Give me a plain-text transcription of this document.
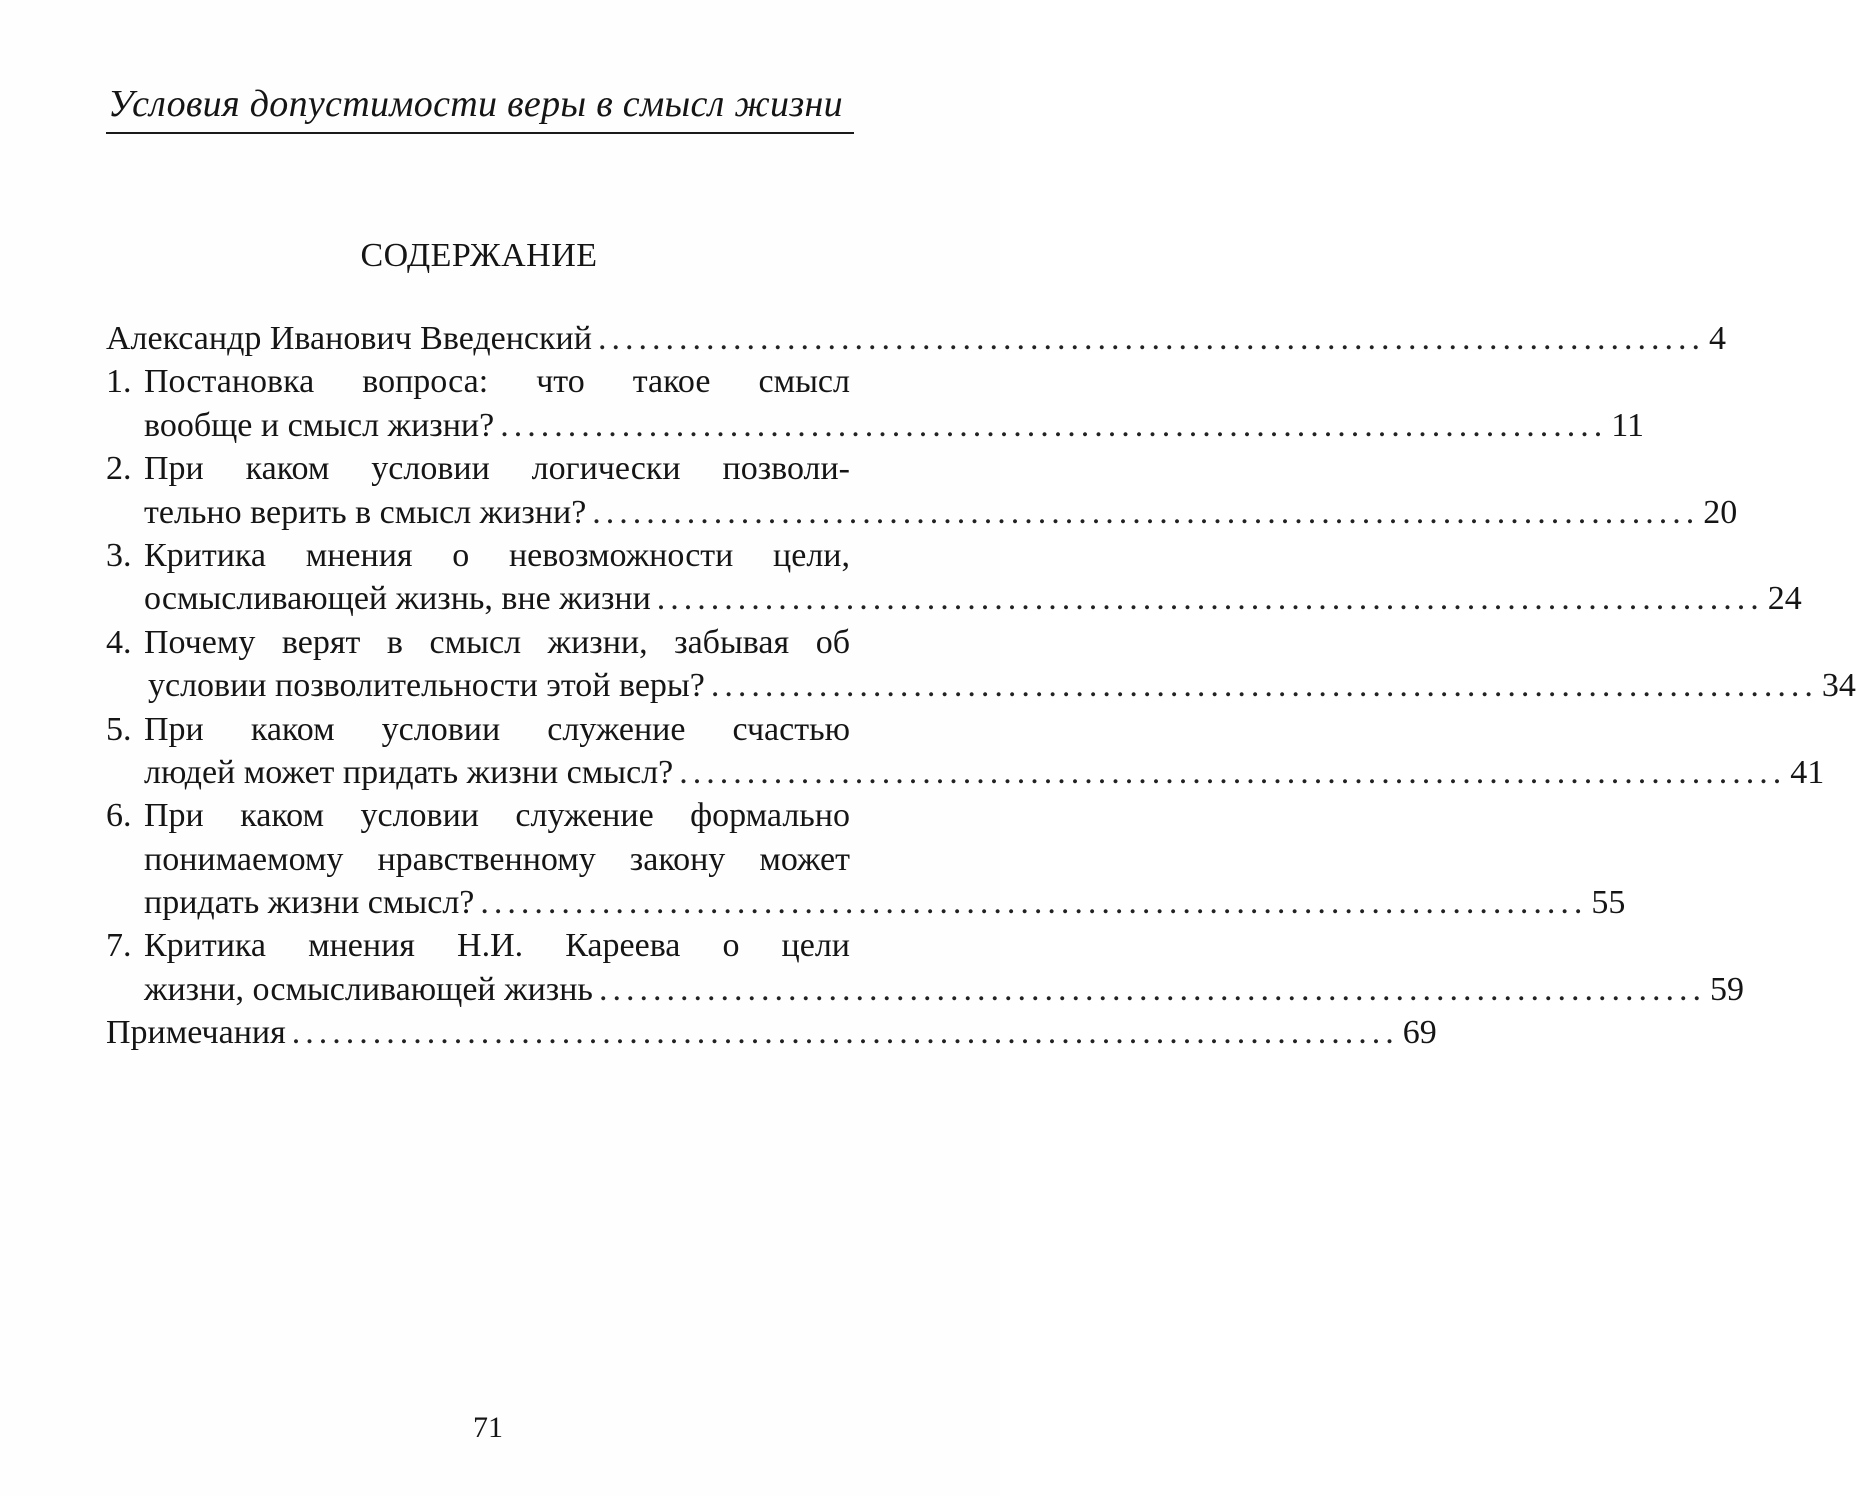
Условия допустимости веры в смысл жизни
СОДЕРЖАНИЕ
Александр Иванович Введенский .................................................................................. 4
1. Постановка вопроса: что такое смысл
вообще и смысл жизни? .................................................................................. 11
2. При каком условии логически позволи-
тельно верить в смысл жизни? .................................................................................. 20
3. Критика мнения о невозможности цели,
осмысливающей жизнь, вне жизни .................................................................................. 24
4. Почему верят в смысл жизни, забывая об
условии позволительности этой веры? .................................................................................. 34
5. При каком условии служение счастью
людей может придать жизни смысл? .................................................................................. 41
6. При каком условии служение формально
понимаемому нравственному закону может
придать жизни смысл? .................................................................................. 55
7. Критика мнения Н.И. Кареева о цели
жизни, осмысливающей жизнь .................................................................................. 59
Примечания .................................................................................. 69
71
